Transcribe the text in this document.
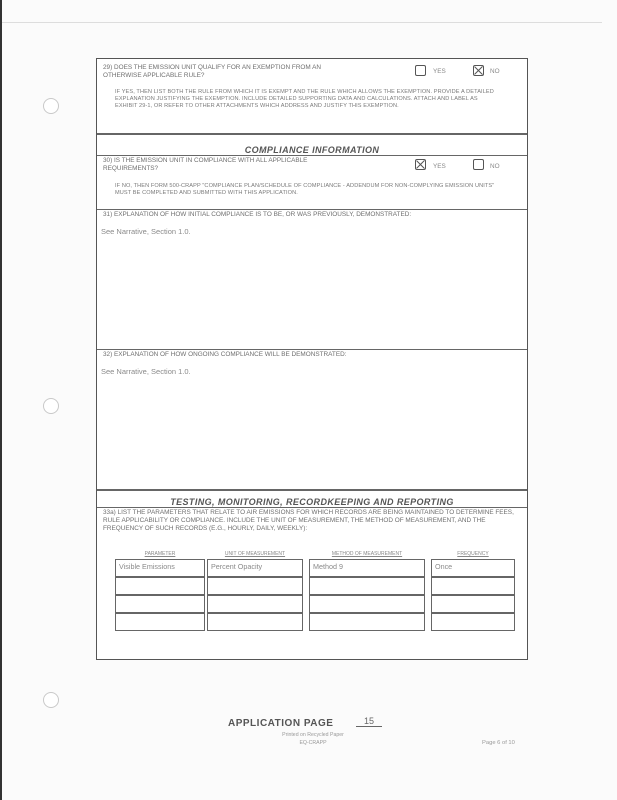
29) DOES THE EMISSION UNIT QUALIFY FOR AN EXEMPTION FROM AN OTHERWISE APPLICABLE RULE?
YES	NO
IF YES, THEN LIST BOTH THE RULE FROM WHICH IT IS EXEMPT AND THE RULE WHICH ALLOWS THE EXEMPTION. PROVIDE A DETAILED EXPLANATION JUSTIFYING THE EXEMPTION. INCLUDE DETAILED SUPPORTING DATA AND CALCULATIONS. ATTACH AND LABEL AS EXHIBIT 29-1, OR REFER TO OTHER ATTACHMENTS WHICH ADDRESS AND JUSTIFY THIS EXEMPTION.
COMPLIANCE INFORMATION
30) IS THE EMISSION UNIT IN COMPLIANCE WITH ALL APPLICABLE REQUIREMENTS?	YES	NO
IF NO, THEN FORM 500-CRAPP "COMPLIANCE PLAN/SCHEDULE OF COMPLIANCE - ADDENDUM FOR NON-COMPLYING EMISSION UNITS" MUST BE COMPLETED AND SUBMITTED WITH THIS APPLICATION.
31) EXPLANATION OF HOW INITIAL COMPLIANCE IS TO BE, OR WAS PREVIOUSLY, DEMONSTRATED:
See Narrative, Section 1.0.
32) EXPLANATION OF HOW ONGOING COMPLIANCE WILL BE DEMONSTRATED:
See Narrative, Section 1.0.
TESTING, MONITORING, RECORDKEEPING AND REPORTING
33a) LIST THE PARAMETERS THAT RELATE TO AIR EMISSIONS FOR WHICH RECORDS ARE BEING MAINTAINED TO DETERMINE FEES, RULE APPLICABILITY OR COMPLIANCE. INCLUDE THE UNIT OF MEASUREMENT, THE METHOD OF MEASUREMENT, AND THE FREQUENCY OF SUCH RECORDS (E.G., HOURLY, DAILY, WEEKLY):
PARAMETER	UNIT OF MEASUREMENT	METHOD OF MEASUREMENT	FREQUENCY
Visible Emissions	Percent Opacity	Method 9	Once
APPLICATION PAGE	15
Printed on Recycled Paper
EQ-CRAPP	Page 6 of 10
